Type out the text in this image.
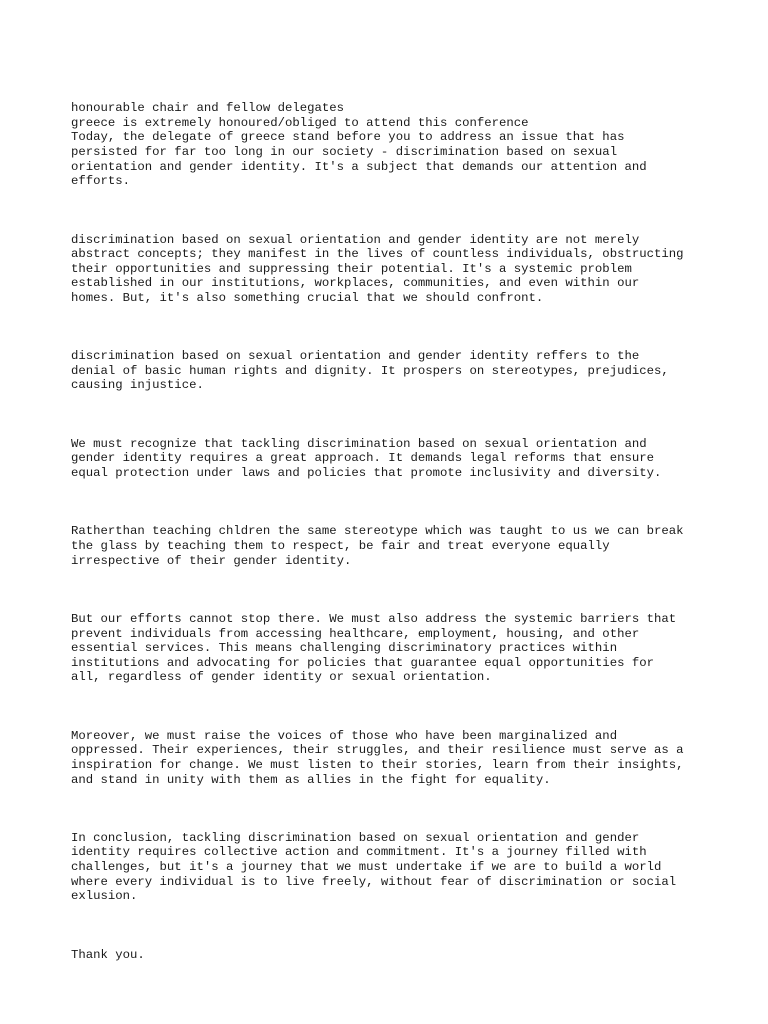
honourable chair and fellow delegates
greece is extremely honoured/obliged to attend this conference
Today, the delegate of greece stand before you to address an issue that has
persisted for far too long in our society - discrimination based on sexual
orientation and gender identity. It's a subject that demands our attention and
efforts.

discrimination based on sexual orientation and gender identity are not merely
abstract concepts; they manifest in the lives of countless individuals, obstructing
their opportunities and suppressing their potential. It's a systemic problem
established in our institutions, workplaces, communities, and even within our
homes. But, it's also something crucial that we should confront.

discrimination based on sexual orientation and gender identity reffers to the
denial of basic human rights and dignity. It prospers on stereotypes, prejudices,
causing injustice.

We must recognize that tackling discrimination based on sexual orientation and
gender identity requires a great approach. It demands legal reforms that ensure
equal protection under laws and policies that promote inclusivity and diversity.

Ratherthan teaching chldren the same stereotype which was taught to us we can break
the glass by teaching them to respect, be fair and treat everyone equally
irrespective of their gender identity.

But our efforts cannot stop there. We must also address the systemic barriers that
prevent individuals from accessing healthcare, employment, housing, and other
essential services. This means challenging discriminatory practices within
institutions and advocating for policies that guarantee equal opportunities for
all, regardless of gender identity or sexual orientation.

Moreover, we must raise the voices of those who have been marginalized and
oppressed. Their experiences, their struggles, and their resilience must serve as a
inspiration for change. We must listen to their stories, learn from their insights,
and stand in unity with them as allies in the fight for equality.

In conclusion, tackling discrimination based on sexual orientation and gender
identity requires collective action and commitment. It's a journey filled with
challenges, but it's a journey that we must undertake if we are to build a world
where every individual is to live freely, without fear of discrimination or social
exlusion.

Thank you.
